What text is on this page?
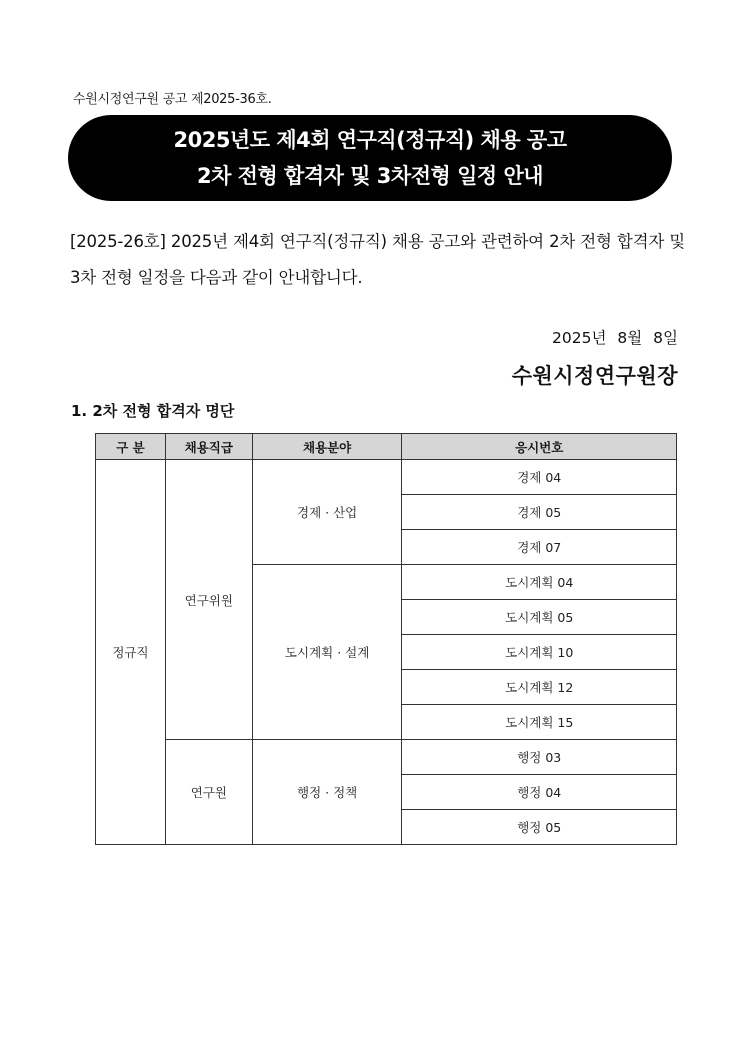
수원시정연구원 공고 제2025-36호.
2025년도 제4회 연구직(정규직) 채용 공고
2차 전형 합격자 및 3차전형 일정 안내
[2025-26호] 2025년 제4회 연구직(정규직) 채용 공고와 관련하여 2차 전형 합격자 및 3차 전형 일정을 다음과 같이 안내합니다.
2025년 8월 8일
수원시정연구원장
1. 2차 전형 합격자 명단
구 분	채용직급	채용분야	응시번호
정규직	연구위원	경제 · 산업	경제 04
			경제 05
			경제 07
		도시계획 · 설계	도시계획 04
			도시계획 05
			도시계획 10
			도시계획 12
			도시계획 15
	연구원	행정 · 정책	행정 03
			행정 04
			행정 05
